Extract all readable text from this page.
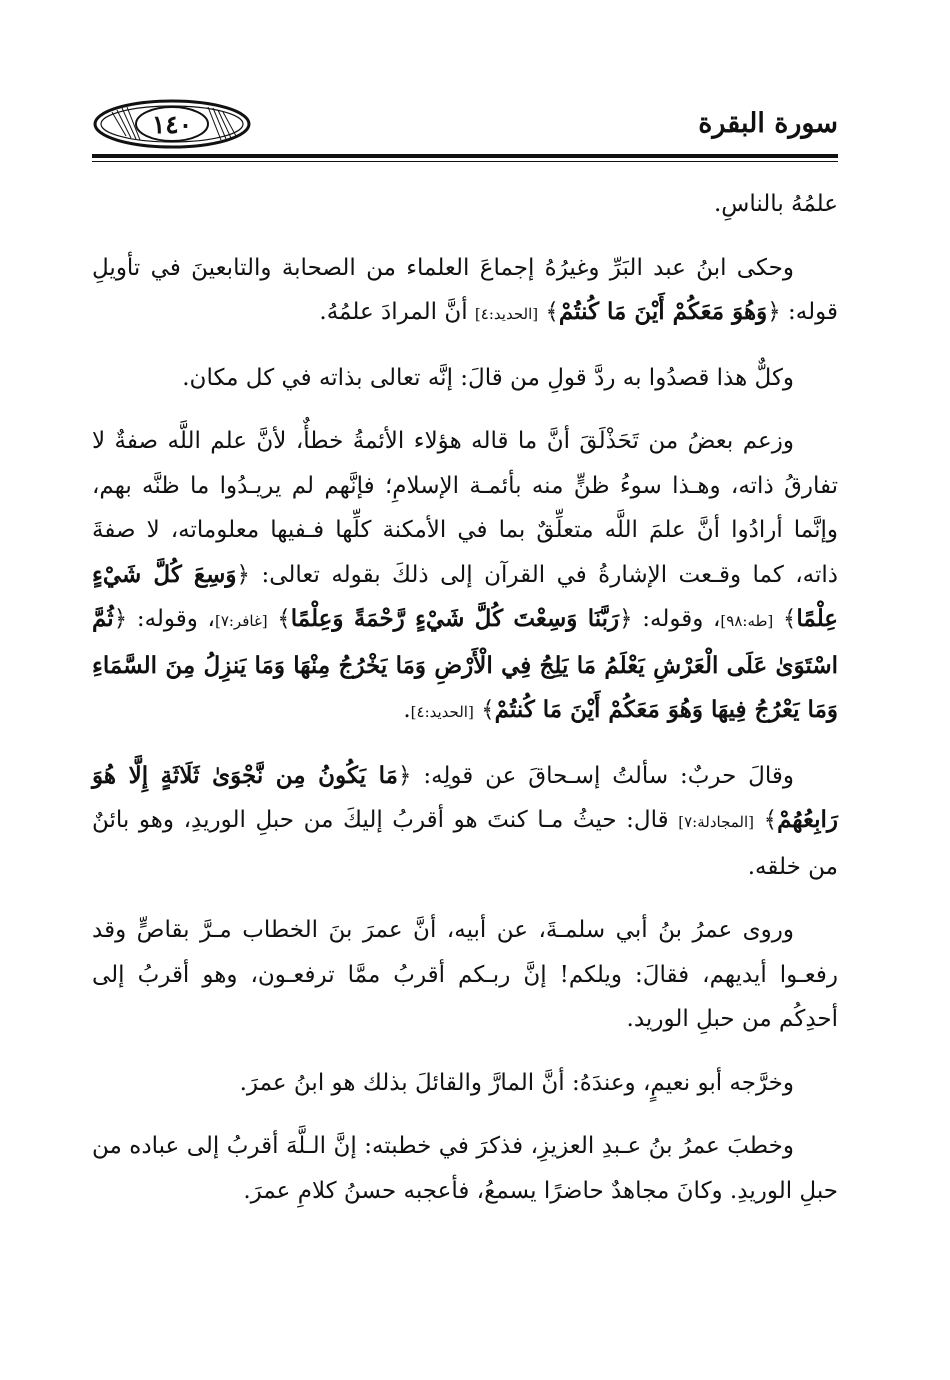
١٤٠	سورة البقرة

علمُهُ بالناسِ.

وحكى ابنُ عبد البَرِّ وغيرُهُ إجماعَ العلماء من الصحابة والتابعينَ في تأويلِ قوله: ﴿وَهُوَ مَعَكُمْ أَيْنَ مَا كُنتُمْ﴾ [الحديد:٤] أنَّ المرادَ علمُهُ.

وكلٌّ هذا قصدُوا به ردَّ قولِ من قالَ: إنَّه تعالى بذاته في كل مكان.

وزعم بعضُ من تَحَذْلَقَ أنَّ ما قاله هؤلاء الأئمةُ خطأٌ، لأنَّ علم اللَّه صفةٌ لا تفارقُ ذاته، وهـذا سوءُ ظنٍّ منه بأئمـة الإسلامِ؛ فإنَّهم لم يريـدُوا ما ظنَّه بهم، وإنَّما أرادُوا أنَّ علمَ اللَّه متعلِّقٌ بما في الأمكنة كلِّها فـفيها معلوماته، لا صفةَ ذاته، كما وقـعت الإشارةُ في القرآن إلى ذلكَ بقوله تعالى: ﴿وَسِعَ كُلَّ شَيْءٍ عِلْمًا﴾ [طه:٩٨]، وقوله: ﴿رَبَّنَا وَسِعْتَ كُلَّ شَيْءٍ رَّحْمَةً وَعِلْمًا﴾ [غافر:٧]، وقوله: ﴿ثُمَّ اسْتَوَىٰ عَلَى الْعَرْشِ يَعْلَمُ مَا يَلِجُ فِي الْأَرْضِ وَمَا يَخْرُجُ مِنْهَا وَمَا يَنزِلُ مِنَ السَّمَاءِ وَمَا يَعْرُجُ فِيهَا وَهُوَ مَعَكُمْ أَيْنَ مَا كُنتُمْ﴾ [الحديد:٤].

وقالَ حربٌ: سألتُ إسـحاقَ عن قولِه: ﴿مَا يَكُونُ مِن نَّجْوَىٰ ثَلَاثَةٍ إِلَّا هُوَ رَابِعُهُمْ﴾ [المجادلة:٧] قال: حيثُ مـا كنتَ هو أقربُ إليكَ من حبلِ الوريدِ، وهو بائنٌ من خلقه.

وروى عمرُ بنُ أبي سلمـةَ، عن أبيه، أنَّ عمرَ بنَ الخطاب مـرَّ بقاصٍّ وقد رفعـوا أيديهم، فقالَ: ويلكم! إنَّ ربـكم أقربُ ممَّا ترفعـون، وهو أقربُ إلى أحدِكُم من حبلِ الوريد.

وخرَّجه أبو نعيمٍ، وعندَهُ: أنَّ المارَّ والقائلَ بذلك هو ابنُ عمرَ.

وخطبَ عمرُ بنُ عـبدِ العزيزِ، فذكرَ في خطبته: إنَّ الـلَّهَ أقربُ إلى عباده من حبلِ الوريدِ. وكانَ مجاهدٌ حاضرًا يسمعُ، فأعجبه حسنُ كلامِ عمرَ.
